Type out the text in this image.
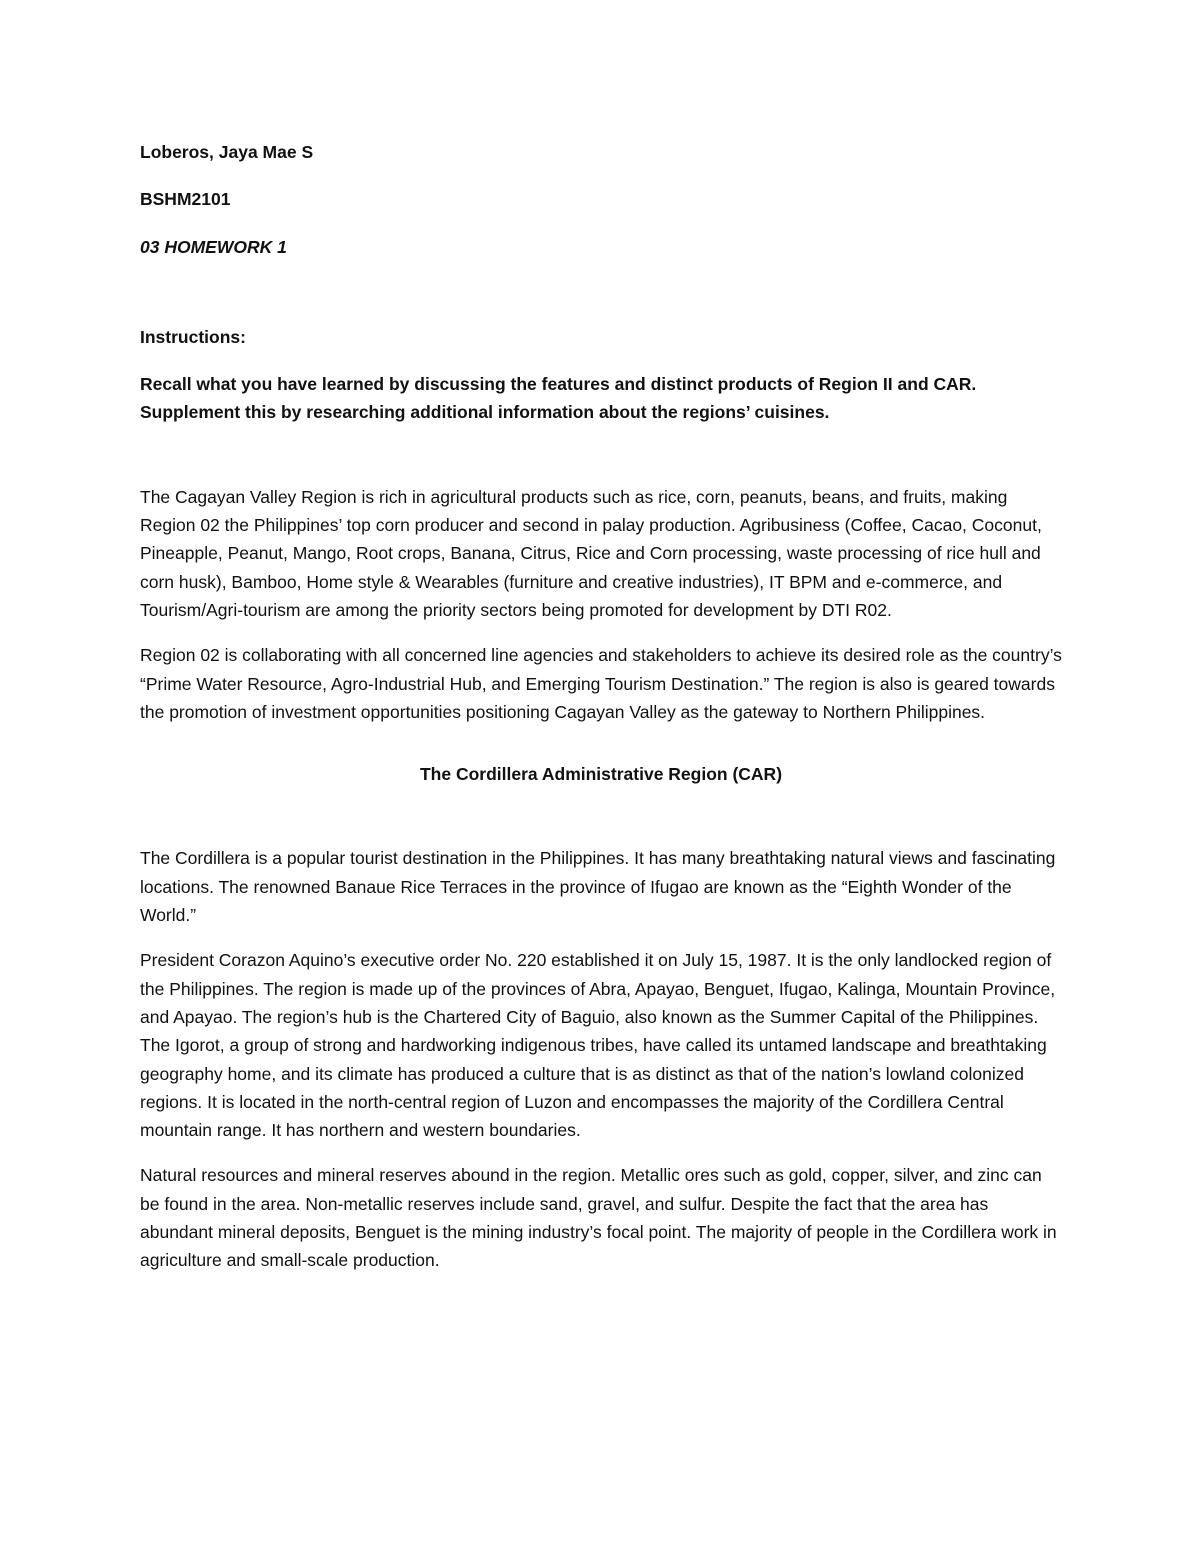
Loberos, Jaya Mae S
BSHM2101
03 HOMEWORK 1
Instructions:
Recall what you have learned by discussing the features and distinct products of Region II and CAR. Supplement this by researching additional information about the regions’ cuisines.

The Cagayan Valley Region is rich in agricultural products such as rice, corn, peanuts, beans, and fruits, making Region 02 the Philippines’ top corn producer and second in palay production. Agribusiness (Coffee, Cacao, Coconut, Pineapple, Peanut, Mango, Root crops, Banana, Citrus, Rice and Corn processing, waste processing of rice hull and corn husk), Bamboo, Home style & Wearables (furniture and creative industries), IT BPM and e-commerce, and Tourism/Agri-tourism are among the priority sectors being promoted for development by DTI R02.

Region 02 is collaborating with all concerned line agencies and stakeholders to achieve its desired role as the country’s “Prime Water Resource, Agro-Industrial Hub, and Emerging Tourism Destination.” The region is also is geared towards the promotion of investment opportunities positioning Cagayan Valley as the gateway to Northern Philippines.

The Cordillera Administrative Region (CAR)

The Cordillera is a popular tourist destination in the Philippines. It has many breathtaking natural views and fascinating locations. The renowned Banaue Rice Terraces in the province of Ifugao are known as the “Eighth Wonder of the World.”

President Corazon Aquino’s executive order No. 220 established it on July 15, 1987. It is the only landlocked region of the Philippines. The region is made up of the provinces of Abra, Apayao, Benguet, Ifugao, Kalinga, Mountain Province, and Apayao. The region’s hub is the Chartered City of Baguio, also known as the Summer Capital of the Philippines. The Igorot, a group of strong and hardworking indigenous tribes, have called its untamed landscape and breathtaking geography home, and its climate has produced a culture that is as distinct as that of the nation’s lowland colonized regions. It is located in the north-central region of Luzon and encompasses the majority of the Cordillera Central mountain range. It has northern and western boundaries.

Natural resources and mineral reserves abound in the region. Metallic ores such as gold, copper, silver, and zinc can be found in the area. Non-metallic reserves include sand, gravel, and sulfur. Despite the fact that the area has abundant mineral deposits, Benguet is the mining industry’s focal point. The majority of people in the Cordillera work in agriculture and small-scale production.
